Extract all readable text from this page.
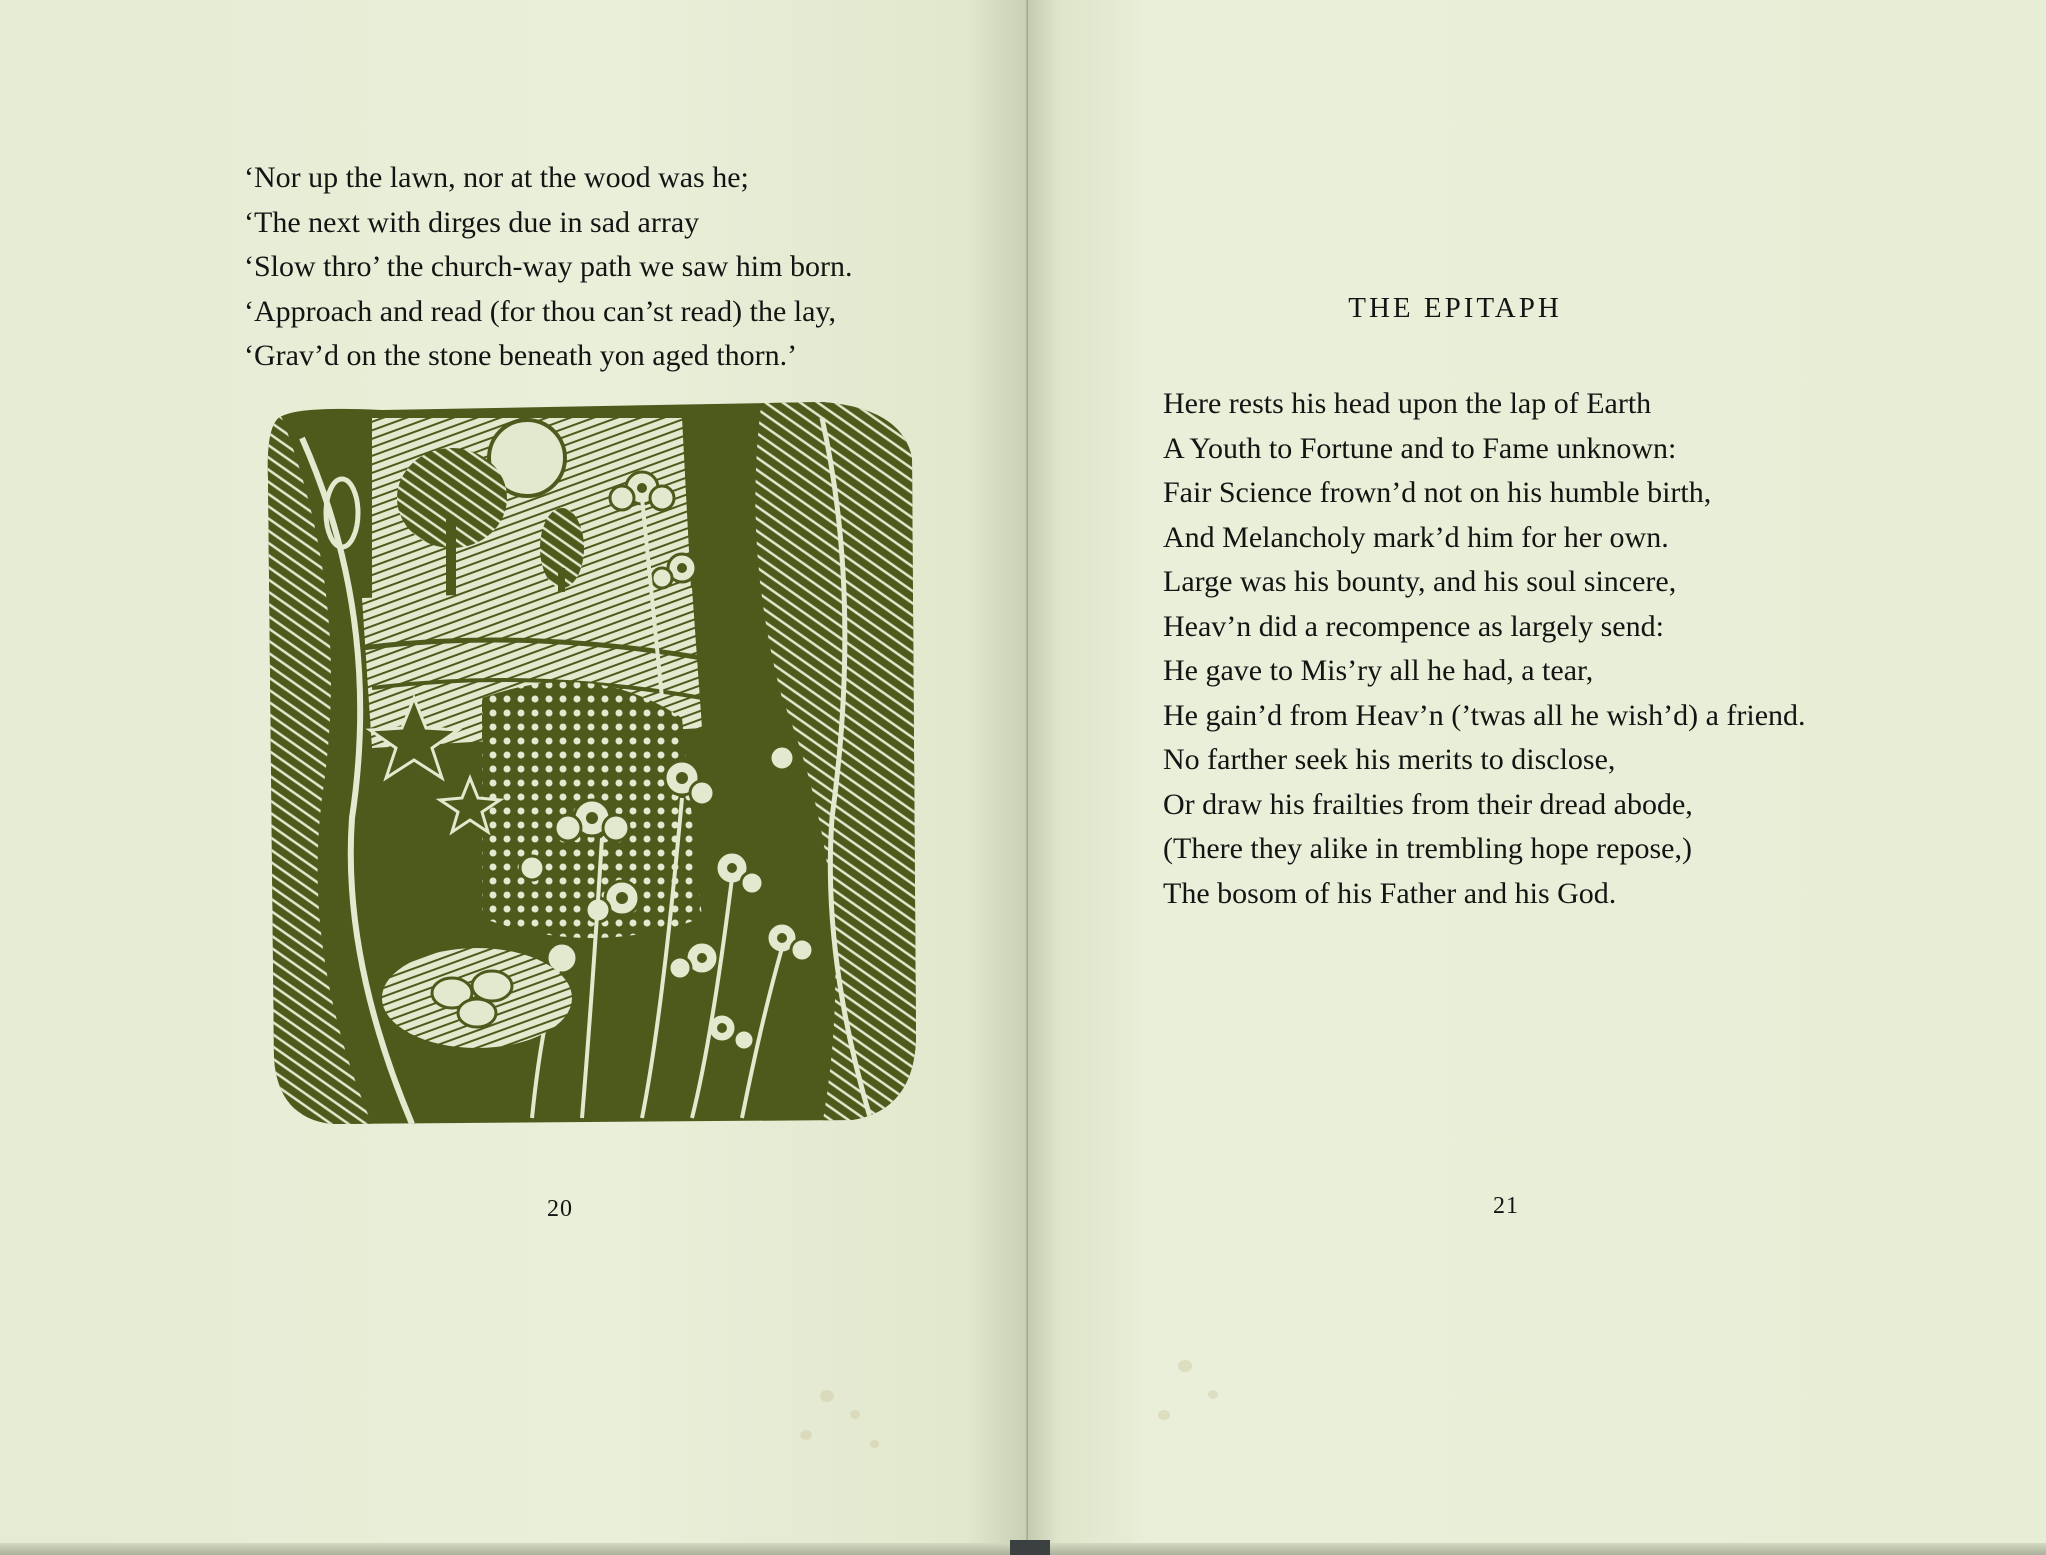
‘Nor up the lawn, nor at the wood was he;
‘The next with dirges due in sad array
‘Slow thro’ the church-way path we saw him born.
‘Approach and read (for thou can’st read) the lay,
‘Grav’d on the stone beneath yon aged thorn.’
20
THE EPITAPH
21
Here rests his head upon the lap of Earth
A Youth to Fortune and to Fame unknown:
Fair Science frown’d not on his humble birth,
And Melancholy mark’d him for her own.
Large was his bounty, and his soul sincere,
Heav’n did a recompence as largely send:
He gave to Mis’ry all he had, a tear,
He gain’d from Heav’n (’twas all he wish’d) a friend.
No farther seek his merits to disclose,
Or draw his frailties from their dread abode,
(There they alike in trembling hope repose,)
The bosom of his Father and his God.
